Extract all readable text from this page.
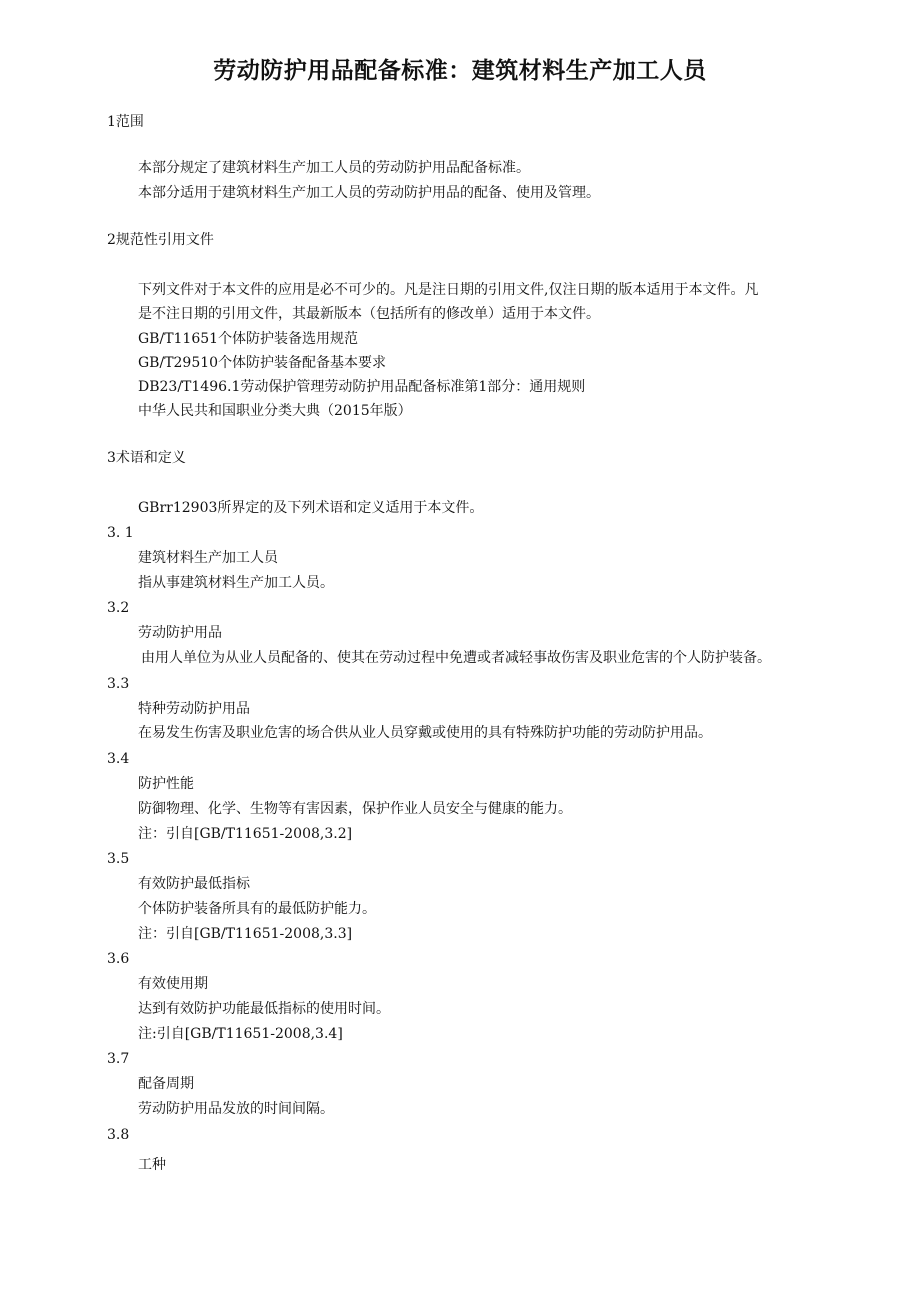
劳动防护用品配备标准：建筑材料生产加工人员
1范围
本部分规定了建筑材料生产加工人员的劳动防护用品配备标准。
本部分适用于建筑材料生产加工人员的劳动防护用品的配备、使用及管理。
2规范性引用文件
下列文件对于本文件的应用是必不可少的。凡是注日期的引用文件,仅注日期的版本适用于本文件。凡
是不注日期的引用文件，其最新版本（包括所有的修改单）适用于本文件。
GB/T11651个体防护装备选用规范
GB/T29510个体防护装备配备基本要求
DB23/T1496.1劳动保护管理劳动防护用品配备标准第1部分：通用规则
中华人民共和国职业分类大典（2015年版）
3术语和定义
GBrr12903所界定的及下列术语和定义适用于本文件。
3. 1
建筑材料生产加工人员
指从事建筑材料生产加工人员。
3.2
劳动防护用品
由用人单位为从业人员配备的、使其在劳动过程中免遭或者减轻事故伤害及职业危害的个人防护装备。
3.3
特种劳动防护用品
在易发生伤害及职业危害的场合供从业人员穿戴或使用的具有特殊防护功能的劳动防护用品。
3.4
防护性能
防御物理、化学、生物等有害因素，保护作业人员安全与健康的能力。
注：引自[GB/T11651-2008,3.2]
3.5
有效防护最低指标
个体防护装备所具有的最低防护能力。
注：引自[GB/T11651-2008,3.3]
3.6
有效使用期
达到有效防护功能最低指标的使用时间。
注:引自[GB/T11651-2008,3.4]
3.7
配备周期
劳动防护用品发放的时间间隔。
3.8
工种
